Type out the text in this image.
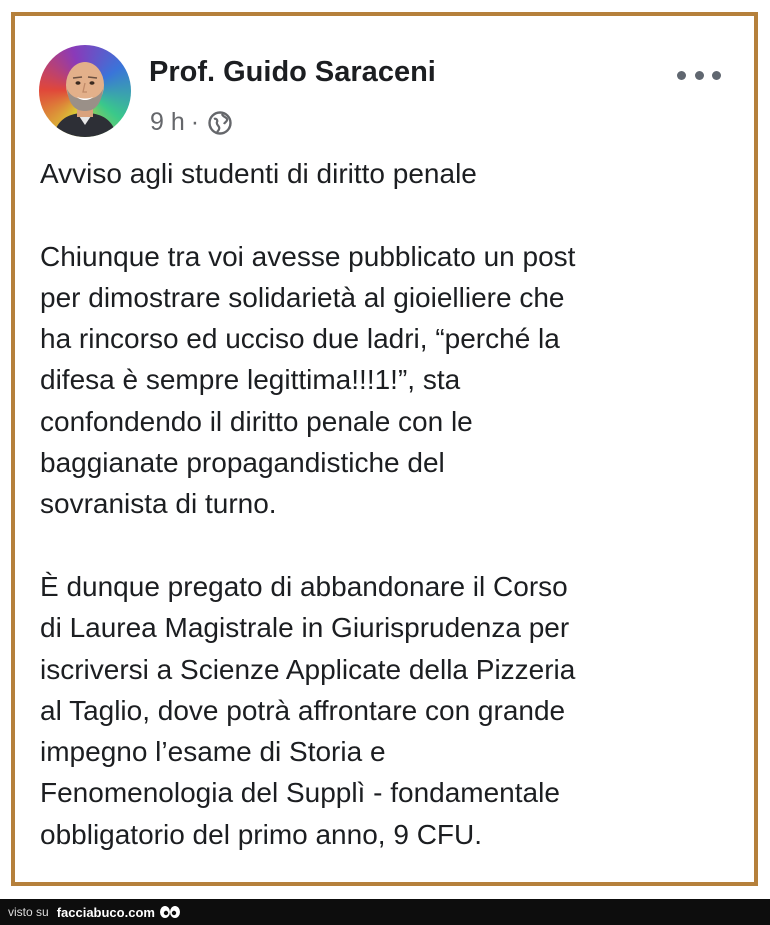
Prof. Guido Saraceni
9 h ·
Avviso agli studenti di diritto penale
Chiunque tra voi avesse pubblicato un post
per dimostrare solidarietà al gioielliere che
ha rincorso ed ucciso due ladri, “perché la
difesa è sempre legittima!!!1!”, sta
confondendo il diritto penale con le
baggianate propagandistiche del
sovranista di turno.
È dunque pregato di abbandonare il Corso
di Laurea Magistrale in Giurisprudenza per
iscriversi a Scienze Applicate della Pizzeria
al Taglio, dove potrà affrontare con grande
impegno l’esame di Storia e
Fenomenologia del Supplì - fondamentale
obbligatorio del primo anno, 9 CFU.
visto su facciabuco.com
